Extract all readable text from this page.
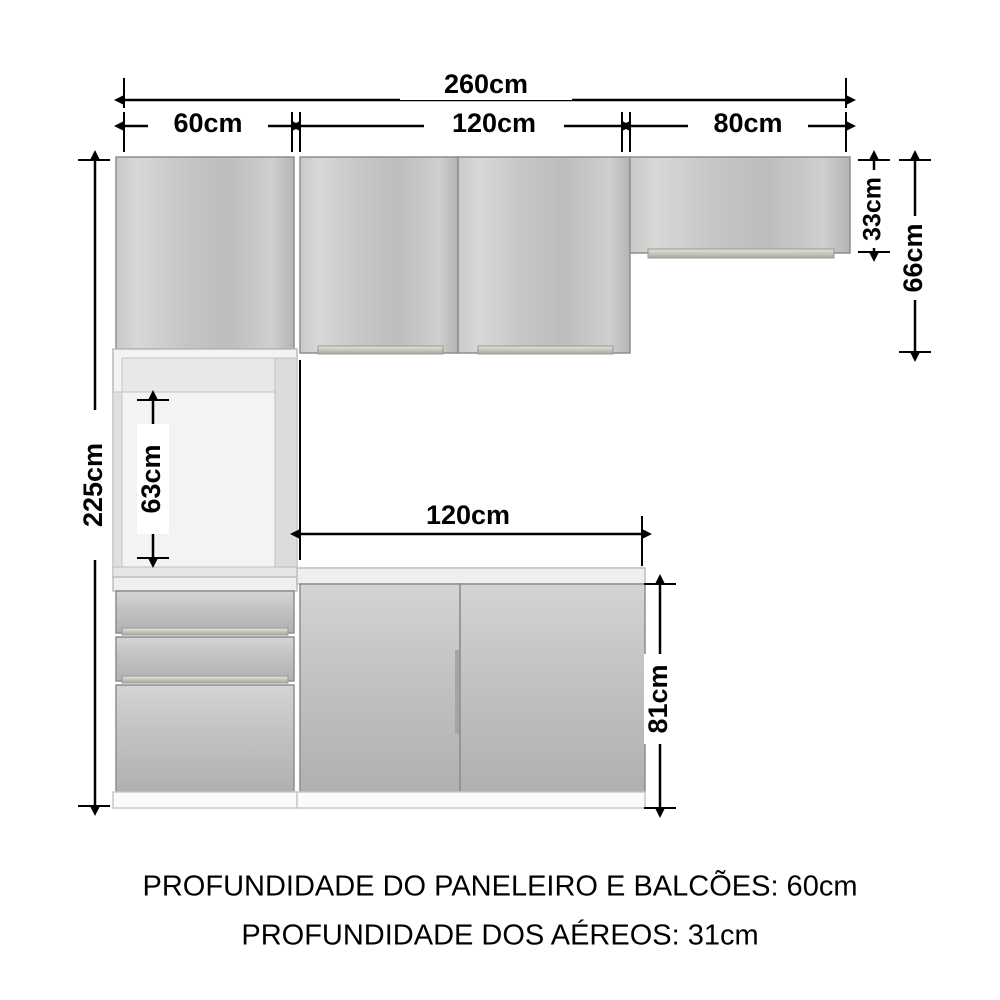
260cm
60cm	120cm	80cm
225cm
33cm
66cm
63cm
120cm
81cm
PROFUNDIDADE DO PANELEIRO E BALCÕES: 60cm
PROFUNDIDADE DOS AÉREOS: 31cm
